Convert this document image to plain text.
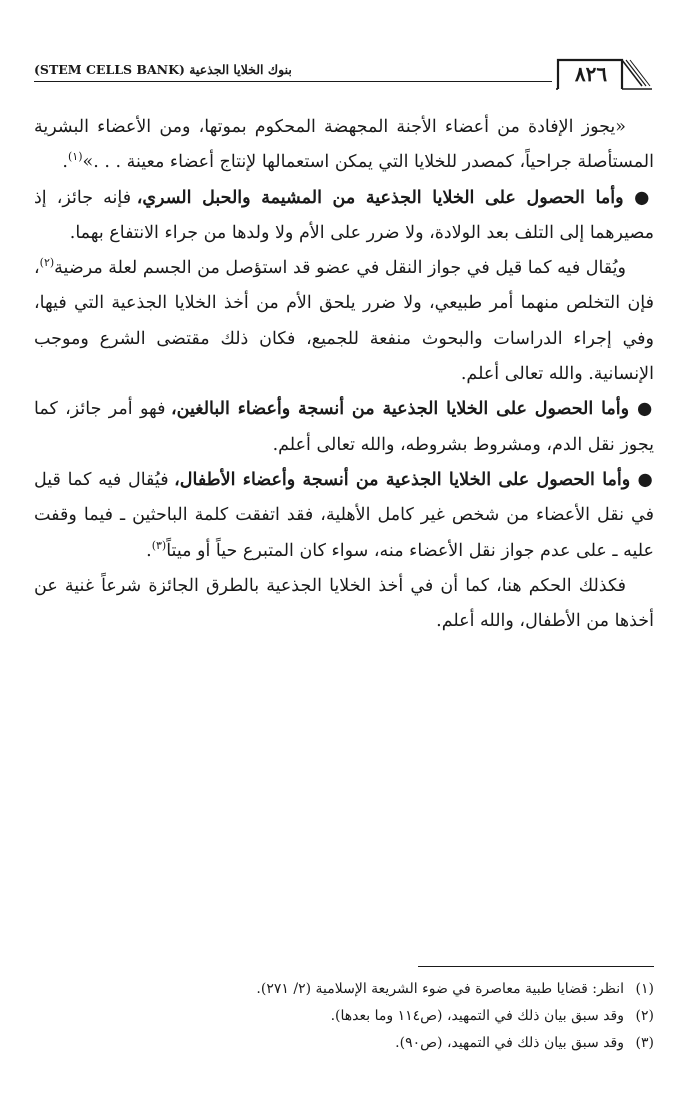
بنوك الخلايا الجذعية (STEM CELLS BANK)	٨٢٦

«يجوز الإفادة من أعضاء الأجنة المجهضة المحكوم بموتها، ومن الأعضاء البشرية المستأصلة جراحياً، كمصدر للخلايا التي يمكن استعمالها لإنتاج أعضاء معينة . . .»$^{(١)}$.

● وأما الحصول على الخلايا الجذعية من المشيمة والحبل السري، فإنه جائز، إذ مصيرهما إلى التلف بعد الولادة، ولا ضرر على الأم ولا ولدها من جراء الانتفاع بهما.

ويُقال فيه كما قيل في جواز النقل في عضو قد استؤصل من الجسم لعلة مرضية$^{(٢)}$، فإن التخلص منهما أمر طبيعي، ولا ضرر يلحق الأم من أخذ الخلايا الجذعية التي فيها، وفي إجراء الدراسات والبحوث منفعة للجميع، فكان ذلك مقتضى الشرع وموجب الإنسانية. والله تعالى أعلم.

● وأما الحصول على الخلايا الجذعية من أنسجة وأعضاء البالغين، فهو أمر جائز، كما يجوز نقل الدم، ومشروط بشروطه، والله تعالى أعلم.

● وأما الحصول على الخلايا الجذعية من أنسجة وأعضاء الأطفال، فيُقال فيه كما قيل في نقل الأعضاء من شخص غير كامل الأهلية، فقد اتفقت كلمة الباحثين ـ فيما وقفت عليه ـ على عدم جواز نقل الأعضاء منه، سواء كان المتبرع حياً أو ميتاً$^{(٣)}$.

فكذلك الحكم هنا، كما أن في أخذ الخلايا الجذعية بالطرق الجائزة شرعاً غنية عن أخذها من الأطفال، والله أعلم.

(١)انظر: قضايا طبية معاصرة في ضوء الشريعة الإسلامية (٢/ ٢٧١).

(٢)وقد سبق بيان ذلك في التمهيد، (ص١١٤ وما بعدها).

(٣)وقد سبق بيان ذلك في التمهيد، (ص٩٠).
